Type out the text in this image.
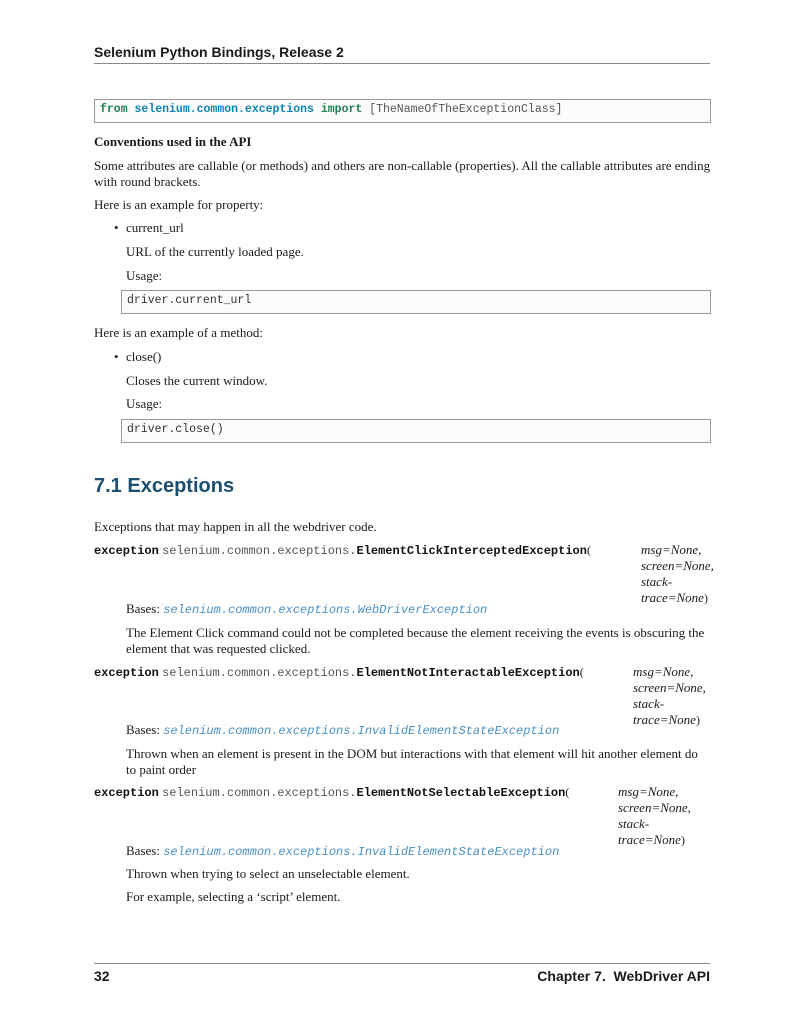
Selenium Python Bindings, Release 2
from selenium.common.exceptions import [TheNameOfTheExceptionClass]
Conventions used in the API
Some attributes are callable (or methods) and others are non-callable (properties). All the callable attributes are ending
with round brackets.
Here is an example for property:
• current_url
URL of the currently loaded page.
Usage:
driver.current_url
Here is an example of a method:
• close()
Closes the current window.
Usage:
driver.close()
7.1 Exceptions
Exceptions that may happen in all the webdriver code.
exception selenium.common.exceptions.ElementClickInterceptedException(	msg=None,
screen=None,
stack-
trace=None)
Bases: selenium.common.exceptions.WebDriverException
The Element Click command could not be completed because the element receiving the events is obscuring the
element that was requested clicked.
exception selenium.common.exceptions.ElementNotInteractableException(	msg=None,
screen=None,
stack-
trace=None)
Bases: selenium.common.exceptions.InvalidElementStateException
Thrown when an element is present in the DOM but interactions with that element will hit another element do
to paint order
exception selenium.common.exceptions.ElementNotSelectableException(	msg=None,
screen=None,
stack-
trace=None)
Bases: selenium.common.exceptions.InvalidElementStateException
Thrown when trying to select an unselectable element.
For example, selecting a ‘script’ element.
32	Chapter 7.  WebDriver API
